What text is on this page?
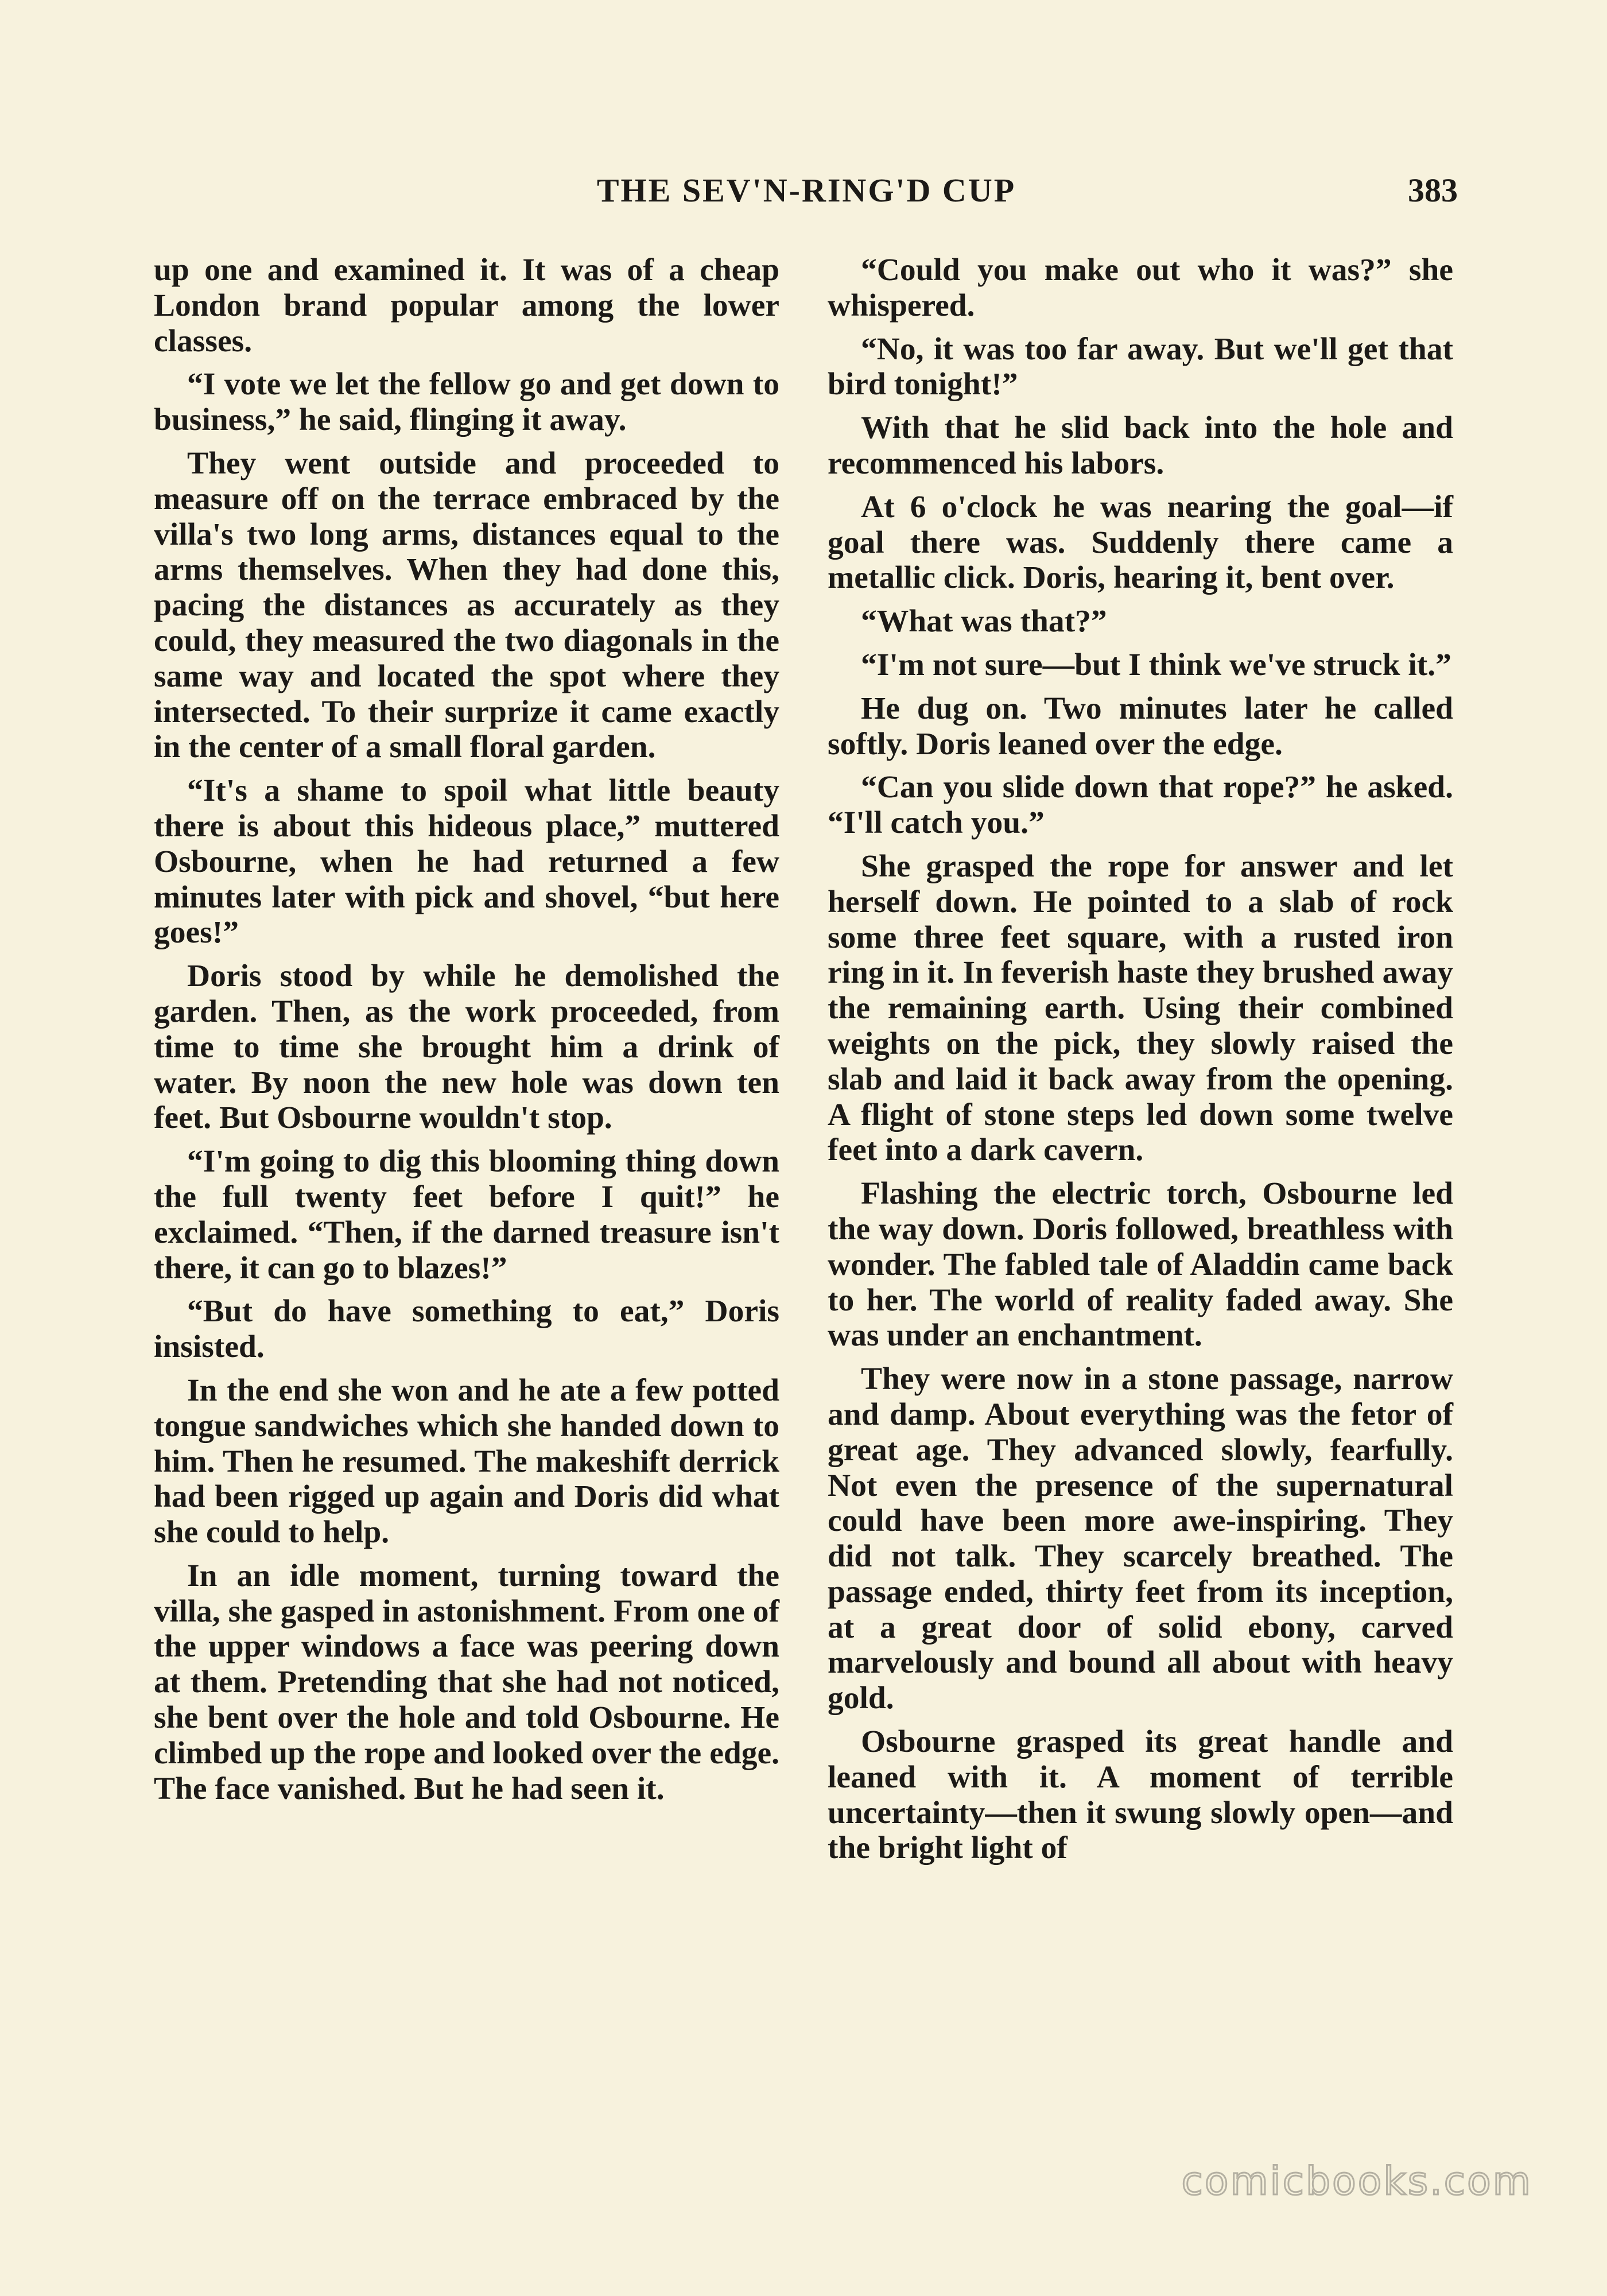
THE SEV'N-RING'D CUP	383

up one and examined it. It was of a cheap London brand popular among the lower classes.

“I vote we let the fellow go and get down to business,” he said, flinging it away.

They went outside and proceeded to measure off on the terrace embraced by the villa's two long arms, distances equal to the arms themselves. When they had done this, pacing the distances as accurately as they could, they measured the two diagonals in the same way and located the spot where they intersected. To their surprize it came exactly in the center of a small floral garden.

“It's a shame to spoil what little beauty there is about this hideous place,” muttered Osbourne, when he had returned a few minutes later with pick and shovel, “but here goes!”

Doris stood by while he demolished the garden. Then, as the work proceeded, from time to time she brought him a drink of water. By noon the new hole was down ten feet. But Osbourne wouldn't stop.

“I'm going to dig this blooming thing down the full twenty feet before I quit!” he exclaimed. “Then, if the darned treasure isn't there, it can go to blazes!”

“But do have something to eat,” Doris insisted.

In the end she won and he ate a few potted tongue sandwiches which she handed down to him. Then he resumed. The makeshift derrick had been rigged up again and Doris did what she could to help.

In an idle moment, turning toward the villa, she gasped in astonishment. From one of the upper windows a face was peering down at them. Pretending that she had not noticed, she bent over the hole and told Osbourne. He climbed up the rope and looked over the edge. The face vanished. But he had seen it.

“Could you make out who it was?” she whispered.

“No, it was too far away. But we'll get that bird tonight!”

With that he slid back into the hole and recommenced his labors.

At 6 o'clock he was nearing the goal—if goal there was. Suddenly there came a metallic click. Doris, hearing it, bent over.

“What was that?”

“I'm not sure—but I think we've struck it.”

He dug on. Two minutes later he called softly. Doris leaned over the edge.

“Can you slide down that rope?” he asked. “I'll catch you.”

She grasped the rope for answer and let herself down. He pointed to a slab of rock some three feet square, with a rusted iron ring in it. In feverish haste they brushed away the remaining earth. Using their combined weights on the pick, they slowly raised the slab and laid it back away from the opening. A flight of stone steps led down some twelve feet into a dark cavern.

Flashing the electric torch, Osbourne led the way down. Doris followed, breathless with wonder. The fabled tale of Aladdin came back to her. The world of reality faded away. She was under an enchantment.

They were now in a stone passage, narrow and damp. About everything was the fetor of great age. They advanced slowly, fearfully. Not even the presence of the supernatural could have been more awe-inspiring. They did not talk. They scarcely breathed. The passage ended, thirty feet from its inception, at a great door of solid ebony, carved marvelously and bound all about with heavy gold.

Osbourne grasped its great handle and leaned with it. A moment of terrible uncertainty—then it swung slowly open—and the bright light of

comicbooks.com
